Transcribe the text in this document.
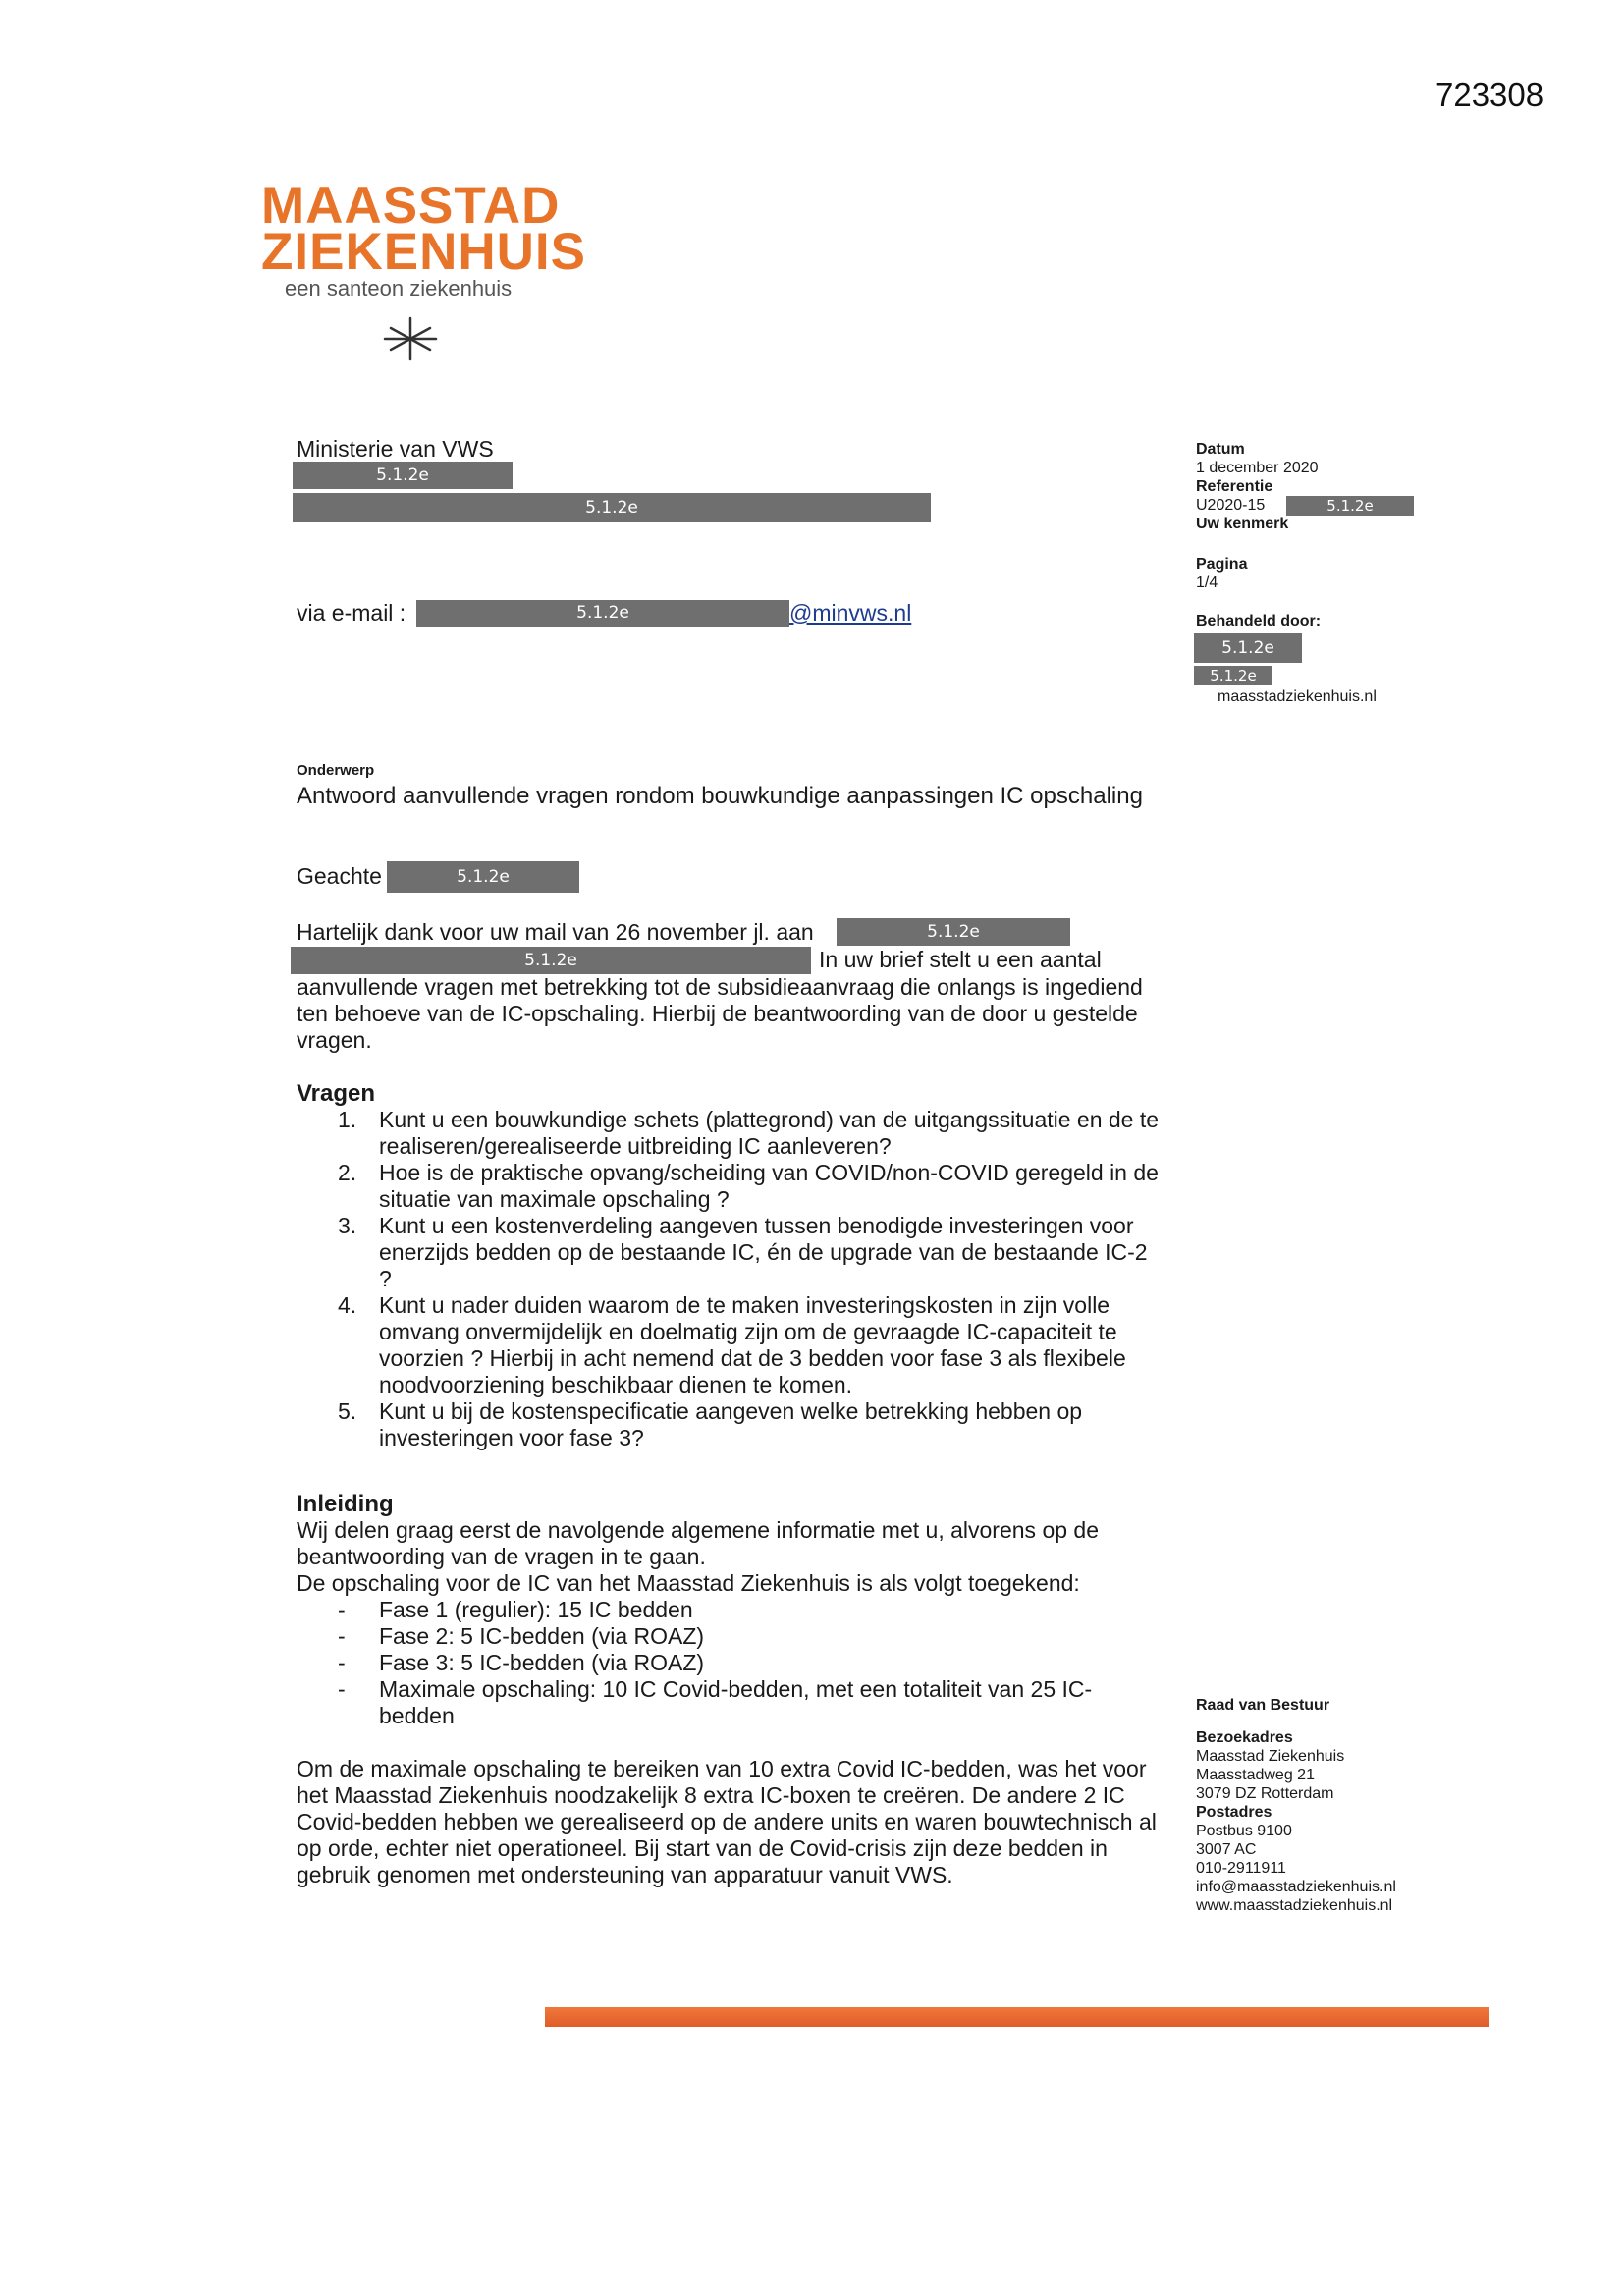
723308
MAASSTAD
ZIEKENHUIS
een santeon ziekenhuis
Ministerie van VWS
5.1.2e
5.1.2e
via e-mail :	5.1.2e	@minvws.nl
Datum
1 december 2020
Referentie
U2020-15
Uw kenmerk
5.1.2e
Pagina
1/4
Behandeld door:
5.1.2e
5.1.2e
maasstadziekenhuis.nl
Onderwerp
Antwoord aanvullende vragen rondom bouwkundige aanpassingen IC opschaling
Geachte	5.1.2e
Hartelijk dank voor uw mail van 26 november jl. aan	5.1.2e
5.1.2e	In uw brief stelt u een aantal
aanvullende vragen met betrekking tot de subsidieaanvraag die onlangs is ingediend ten behoeve van de IC-opschaling. Hierbij de beantwoording van de door u gestelde vragen.
Vragen
1. Kunt u een bouwkundige schets (plattegrond) van de uitgangssituatie en de te realiseren/gerealiseerde uitbreiding IC aanleveren?
2. Hoe is de praktische opvang/scheiding van COVID/non-COVID geregeld in de situatie van maximale opschaling ?
3. Kunt u een kostenverdeling aangeven tussen benodigde investeringen voor enerzijds bedden op de bestaande IC, én de upgrade van de bestaande IC-2 ?
4. Kunt u nader duiden waarom de te maken investeringskosten in zijn volle omvang onvermijdelijk en doelmatig zijn om de gevraagde IC-capaciteit te voorzien ? Hierbij in acht nemend dat de 3 bedden voor fase 3 als flexibele noodvoorziening beschikbaar dienen te komen.
5. Kunt u bij de kostenspecificatie aangeven welke betrekking hebben op investeringen voor fase 3?
Inleiding
Wij delen graag eerst de navolgende algemene informatie met u, alvorens op de beantwoording van de vragen in te gaan.
De opschaling voor de IC van het Maasstad Ziekenhuis is als volgt toegekend:
- Fase 1 (regulier): 15 IC bedden
- Fase 2: 5 IC-bedden (via ROAZ)
- Fase 3: 5 IC-bedden (via ROAZ)
- Maximale opschaling: 10 IC Covid-bedden, met een totaliteit van 25 IC-bedden
Om de maximale opschaling te bereiken van 10 extra Covid IC-bedden, was het voor het Maasstad Ziekenhuis noodzakelijk 8 extra IC-boxen te creëren. De andere 2 IC Covid-bedden hebben we gerealiseerd op de andere units en waren bouwtechnisch al op orde, echter niet operationeel. Bij start van de Covid-crisis zijn deze bedden in gebruik genomen met ondersteuning van apparatuur vanuit VWS.
Raad van Bestuur
Bezoekadres
Maasstad Ziekenhuis
Maasstadweg 21
3079 DZ Rotterdam
Postadres
Postbus 9100
3007 AC
010-2911911
info@maasstadziekenhuis.nl
www.maasstadziekenhuis.nl
